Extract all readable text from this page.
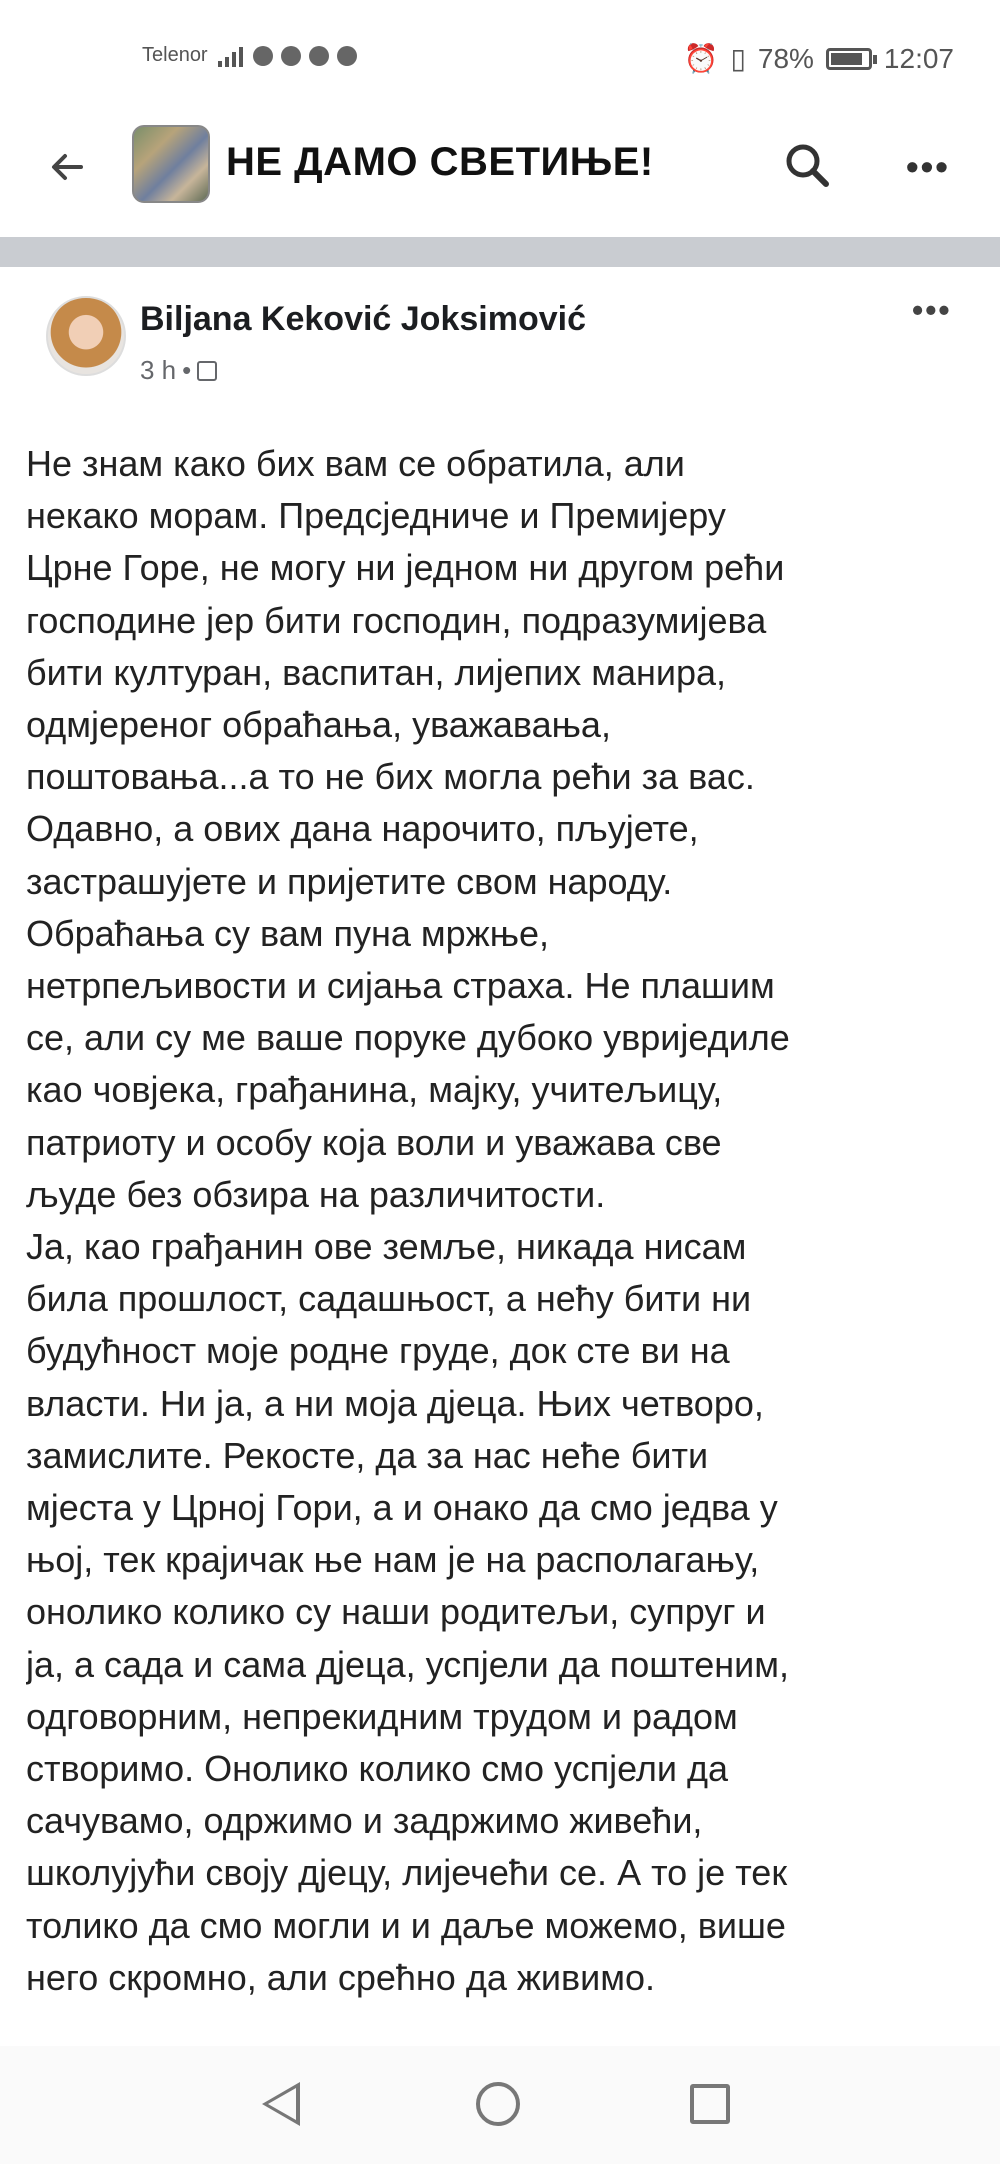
Telenor	⏰ ▯ 78%	12:07
НЕ ДАМО СВЕТИЊЕ!	•••
Biljana Keković Joksimović
3 h •
•••
Не знам како бих вам се обратила, али
некако морам. Предсједниче и Премијеру
Црне Горе, не могу ни једном ни другом рећи
господине јер бити господин, подразумијева
бити културан, васпитан, лијепих манира,
одмјереног обраћања, уважавања,
поштовања...а то не бих могла рећи за вас.
Одавно, а ових дана нарочито, пљујете,
застрашујете и пријетите свом народу.
Обраћања су вам пуна мржње,
нетрпељивости и сијања страха. Не плашим
се, али су ме ваше поруке дубоко увриједиле
као човјека, грађанина, мајку, учитељицу,
патриоту и особу која воли и уважава све
људе без обзира на различитости.
Ја, као грађанин ове земље, никада нисам
била прошлост, садашњост, а нећу бити ни
будућност моје родне груде, док сте ви на
власти. Ни ја, а ни моја дјеца. Њих четворо,
замислите. Рекосте, да за нас неће бити
мјеста у Црној Гори, а и онако да смо једва у
њој, тек крајичак ње нам је на располагању,
онолико колико су наши родитељи, супруг и
ја, а сада и сама дјеца, успјели да поштеним,
одговорним, непрекидним трудом и радом
створимо. Онолико колико смо успјели да
сачувамо, одржимо и задржимо живећи,
школујући своју дјецу, лијечећи се. А то је тек
толико да смо могли и и даље можемо, више
него скромно, али срећно да живимо.
